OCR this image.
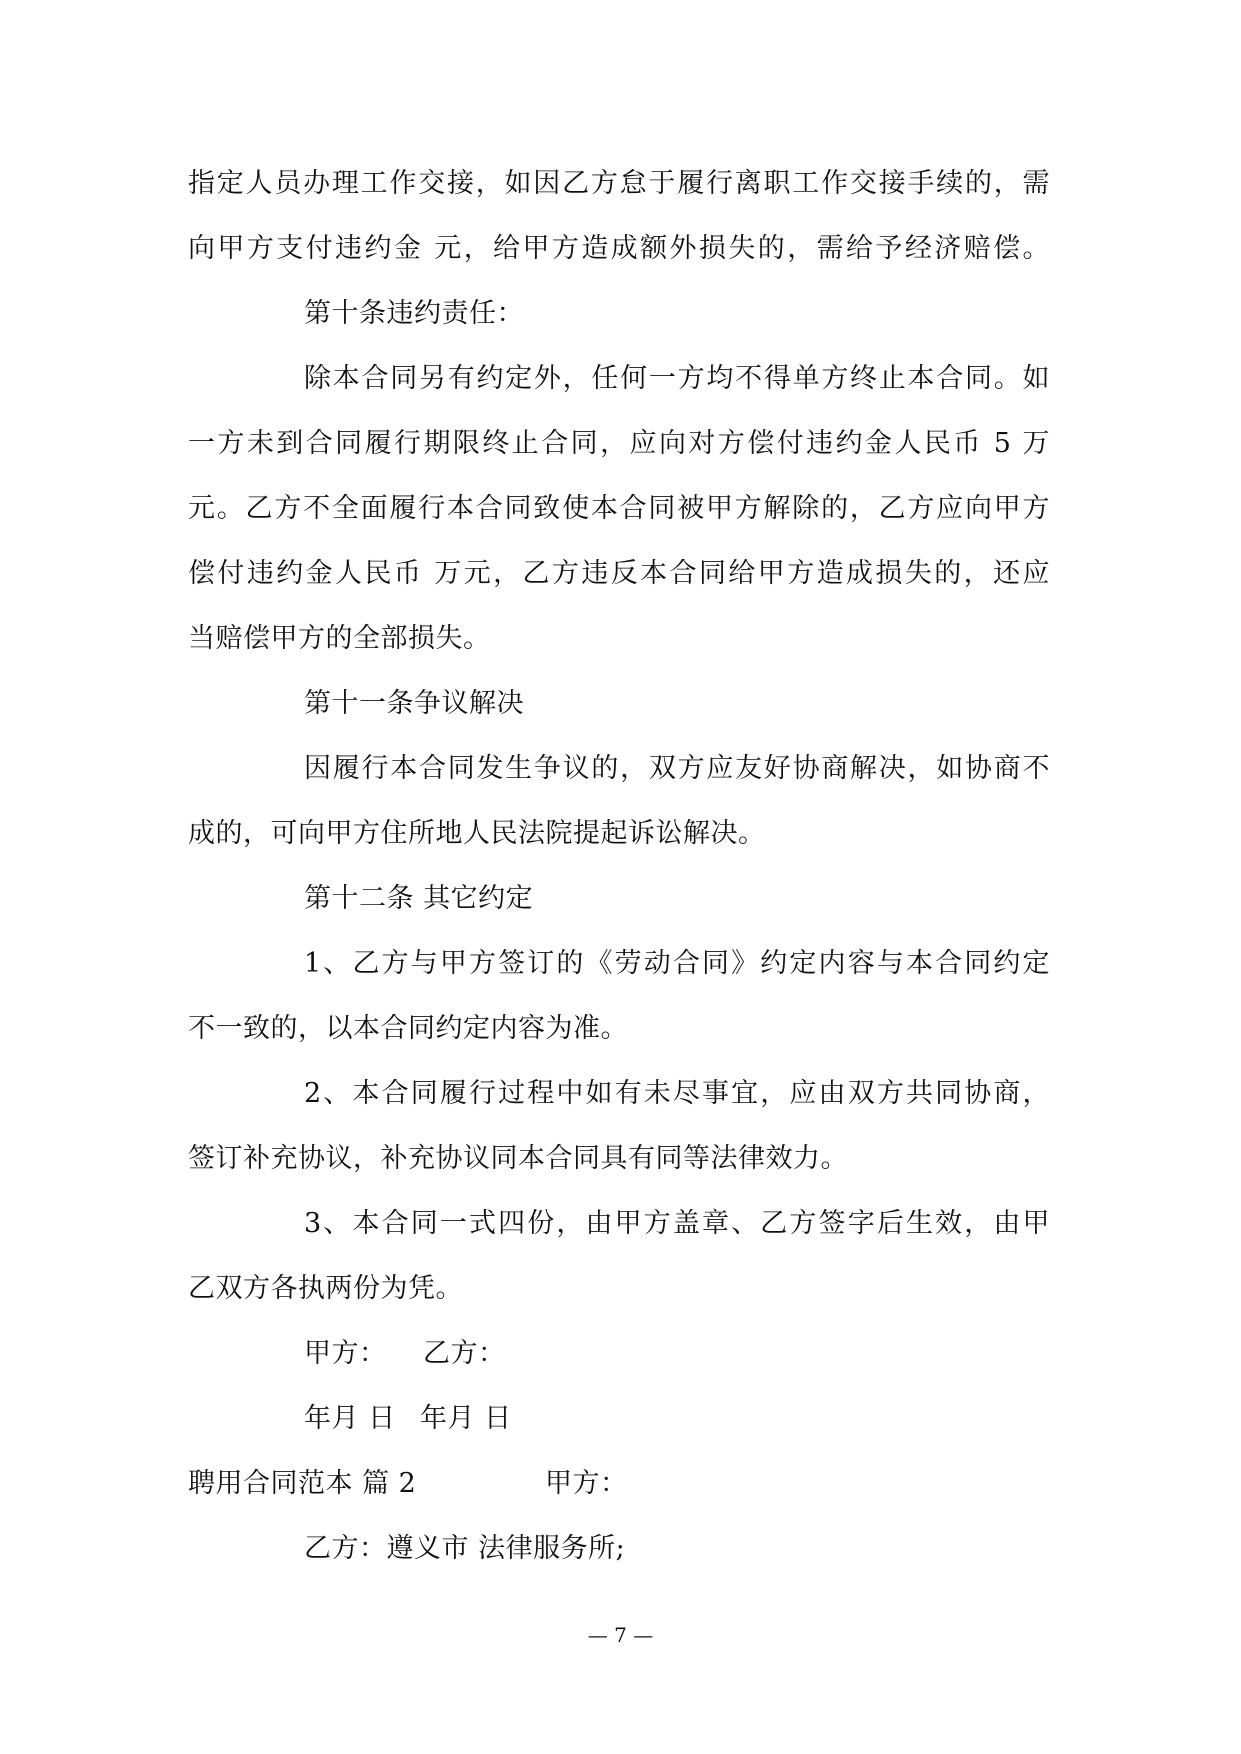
指定人员办理工作交接，如因乙方怠于履行离职工作交接手续的，需
向甲方支付违约金 元，给甲方造成额外损失的，需给予经济赔偿。
第十条违约责任：
除本合同另有约定外，任何一方均不得单方终止本合同。如
一方未到合同履行期限终止合同，应向对方偿付违约金人民币 5 万
元。乙方不全面履行本合同致使本合同被甲方解除的，乙方应向甲方
偿付违约金人民币 万元，乙方违反本合同给甲方造成损失的，还应
当赔偿甲方的全部损失。
第十一条争议解决
因履行本合同发生争议的，双方应友好协商解决，如协商不
成的，可向甲方住所地人民法院提起诉讼解决。
第十二条 其它约定
1、乙方与甲方签订的《劳动合同》约定内容与本合同约定
不一致的，以本合同约定内容为准。
2、本合同履行过程中如有未尽事宜，应由双方共同协商，
签订补充协议，补充协议同本合同具有同等法律效力。
3、本合同一式四份，由甲方盖章、乙方签字后生效，由甲
乙双方各执两份为凭。
甲方： 乙方：
年月 日 年月 日
聘用合同范本 篇 2	甲方：
乙方：遵义市 法律服务所;
— 7 —
